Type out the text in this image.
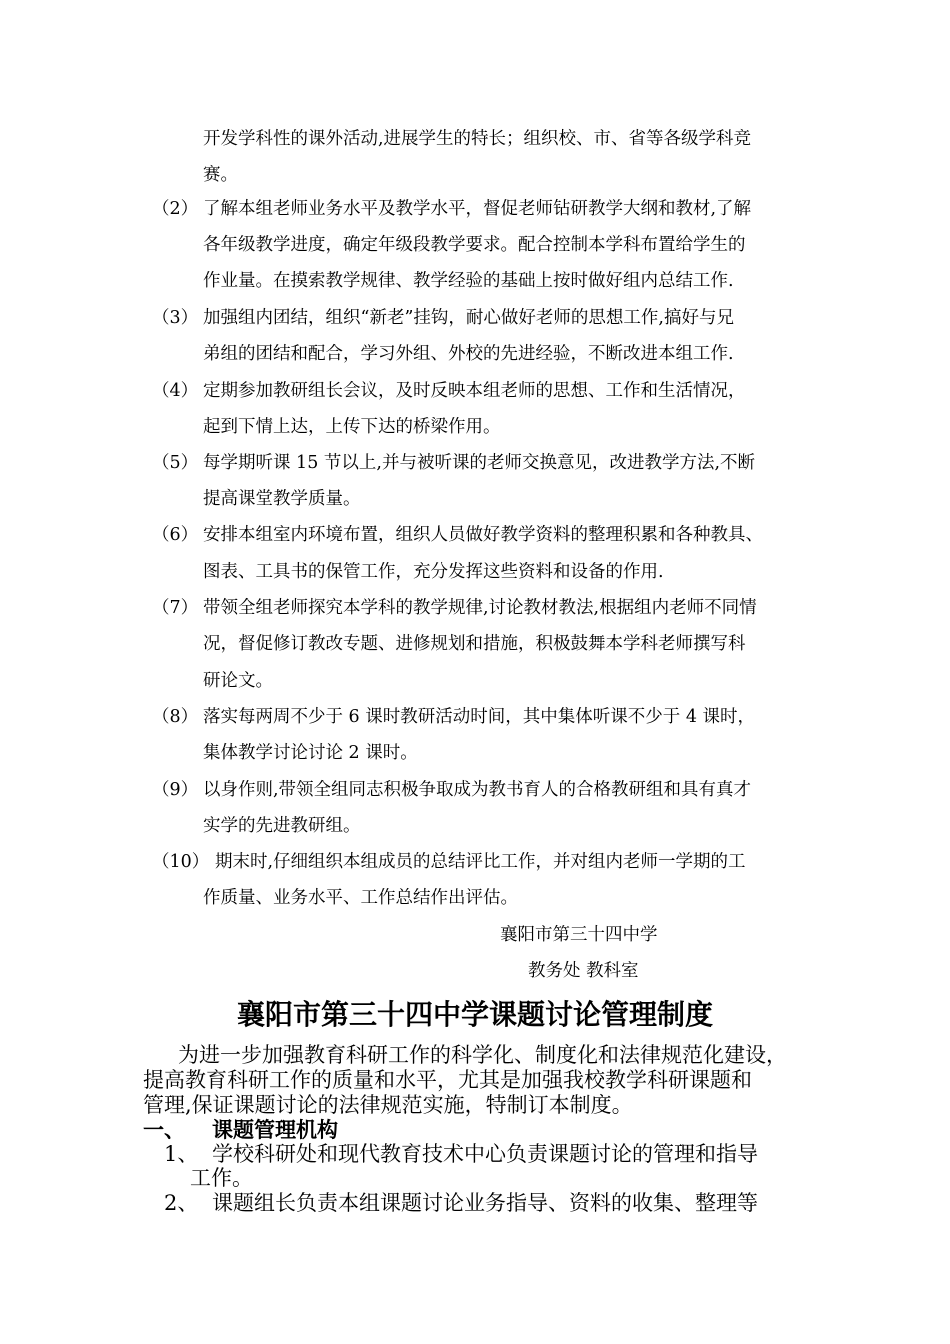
开发学科性的课外活动,进展学生的特长；组织校、市、省等各级学科竞
赛。
（2） 了解本组老师业务水平及教学水平，督促老师钻研教学大纲和教材,了解
各年级教学进度，确定年级段教学要求。配合控制本学科布置给学生的
作业量。在摸索教学规律、教学经验的基础上按时做好组内总结工作.
（3） 加强组内团结，组织“新老”挂钩，耐心做好老师的思想工作,搞好与兄
弟组的团结和配合，学习外组、外校的先进经验，不断改进本组工作.
（4） 定期参加教研组长会议，及时反映本组老师的思想、工作和生活情况，
起到下情上达，上传下达的桥梁作用。
（5） 每学期听课 15 节以上,并与被听课的老师交换意见，改进教学方法,不断
提高课堂教学质量。
（6） 安排本组室内环境布置，组织人员做好教学资料的整理积累和各种教具、
图表、工具书的保管工作，充分发挥这些资料和设备的作用.
（7） 带领全组老师探究本学科的教学规律,讨论教材教法,根据组内老师不同情
况，督促修订教改专题、进修规划和措施，积极鼓舞本学科老师撰写科
研论文。
（8） 落实每两周不少于 6 课时教研活动时间，其中集体听课不少于 4 课时，
集体教学讨论讨论 2 课时。
（9） 以身作则,带领全组同志积极争取成为教书育人的合格教研组和具有真才
实学的先进教研组。
（10） 期末时,仔细组织本组成员的总结评比工作，并对组内老师一学期的工
作质量、业务水平、工作总结作出评估。
襄阳市第三十四中学
教务处 教科室
襄阳市第三十四中学课题讨论管理制度
为进一步加强教育科研工作的科学化、制度化和法律规范化建设，
提高教育科研工作的质量和水平，尤其是加强我校教学科研课题和
管理,保证课题讨论的法律规范实施，特制订本制度。
一、 课题管理机构
1、 学校科研处和现代教育技术中心负责课题讨论的管理和指导
工作。
2、 课题组长负责本组课题讨论业务指导、资料的收集、整理等
